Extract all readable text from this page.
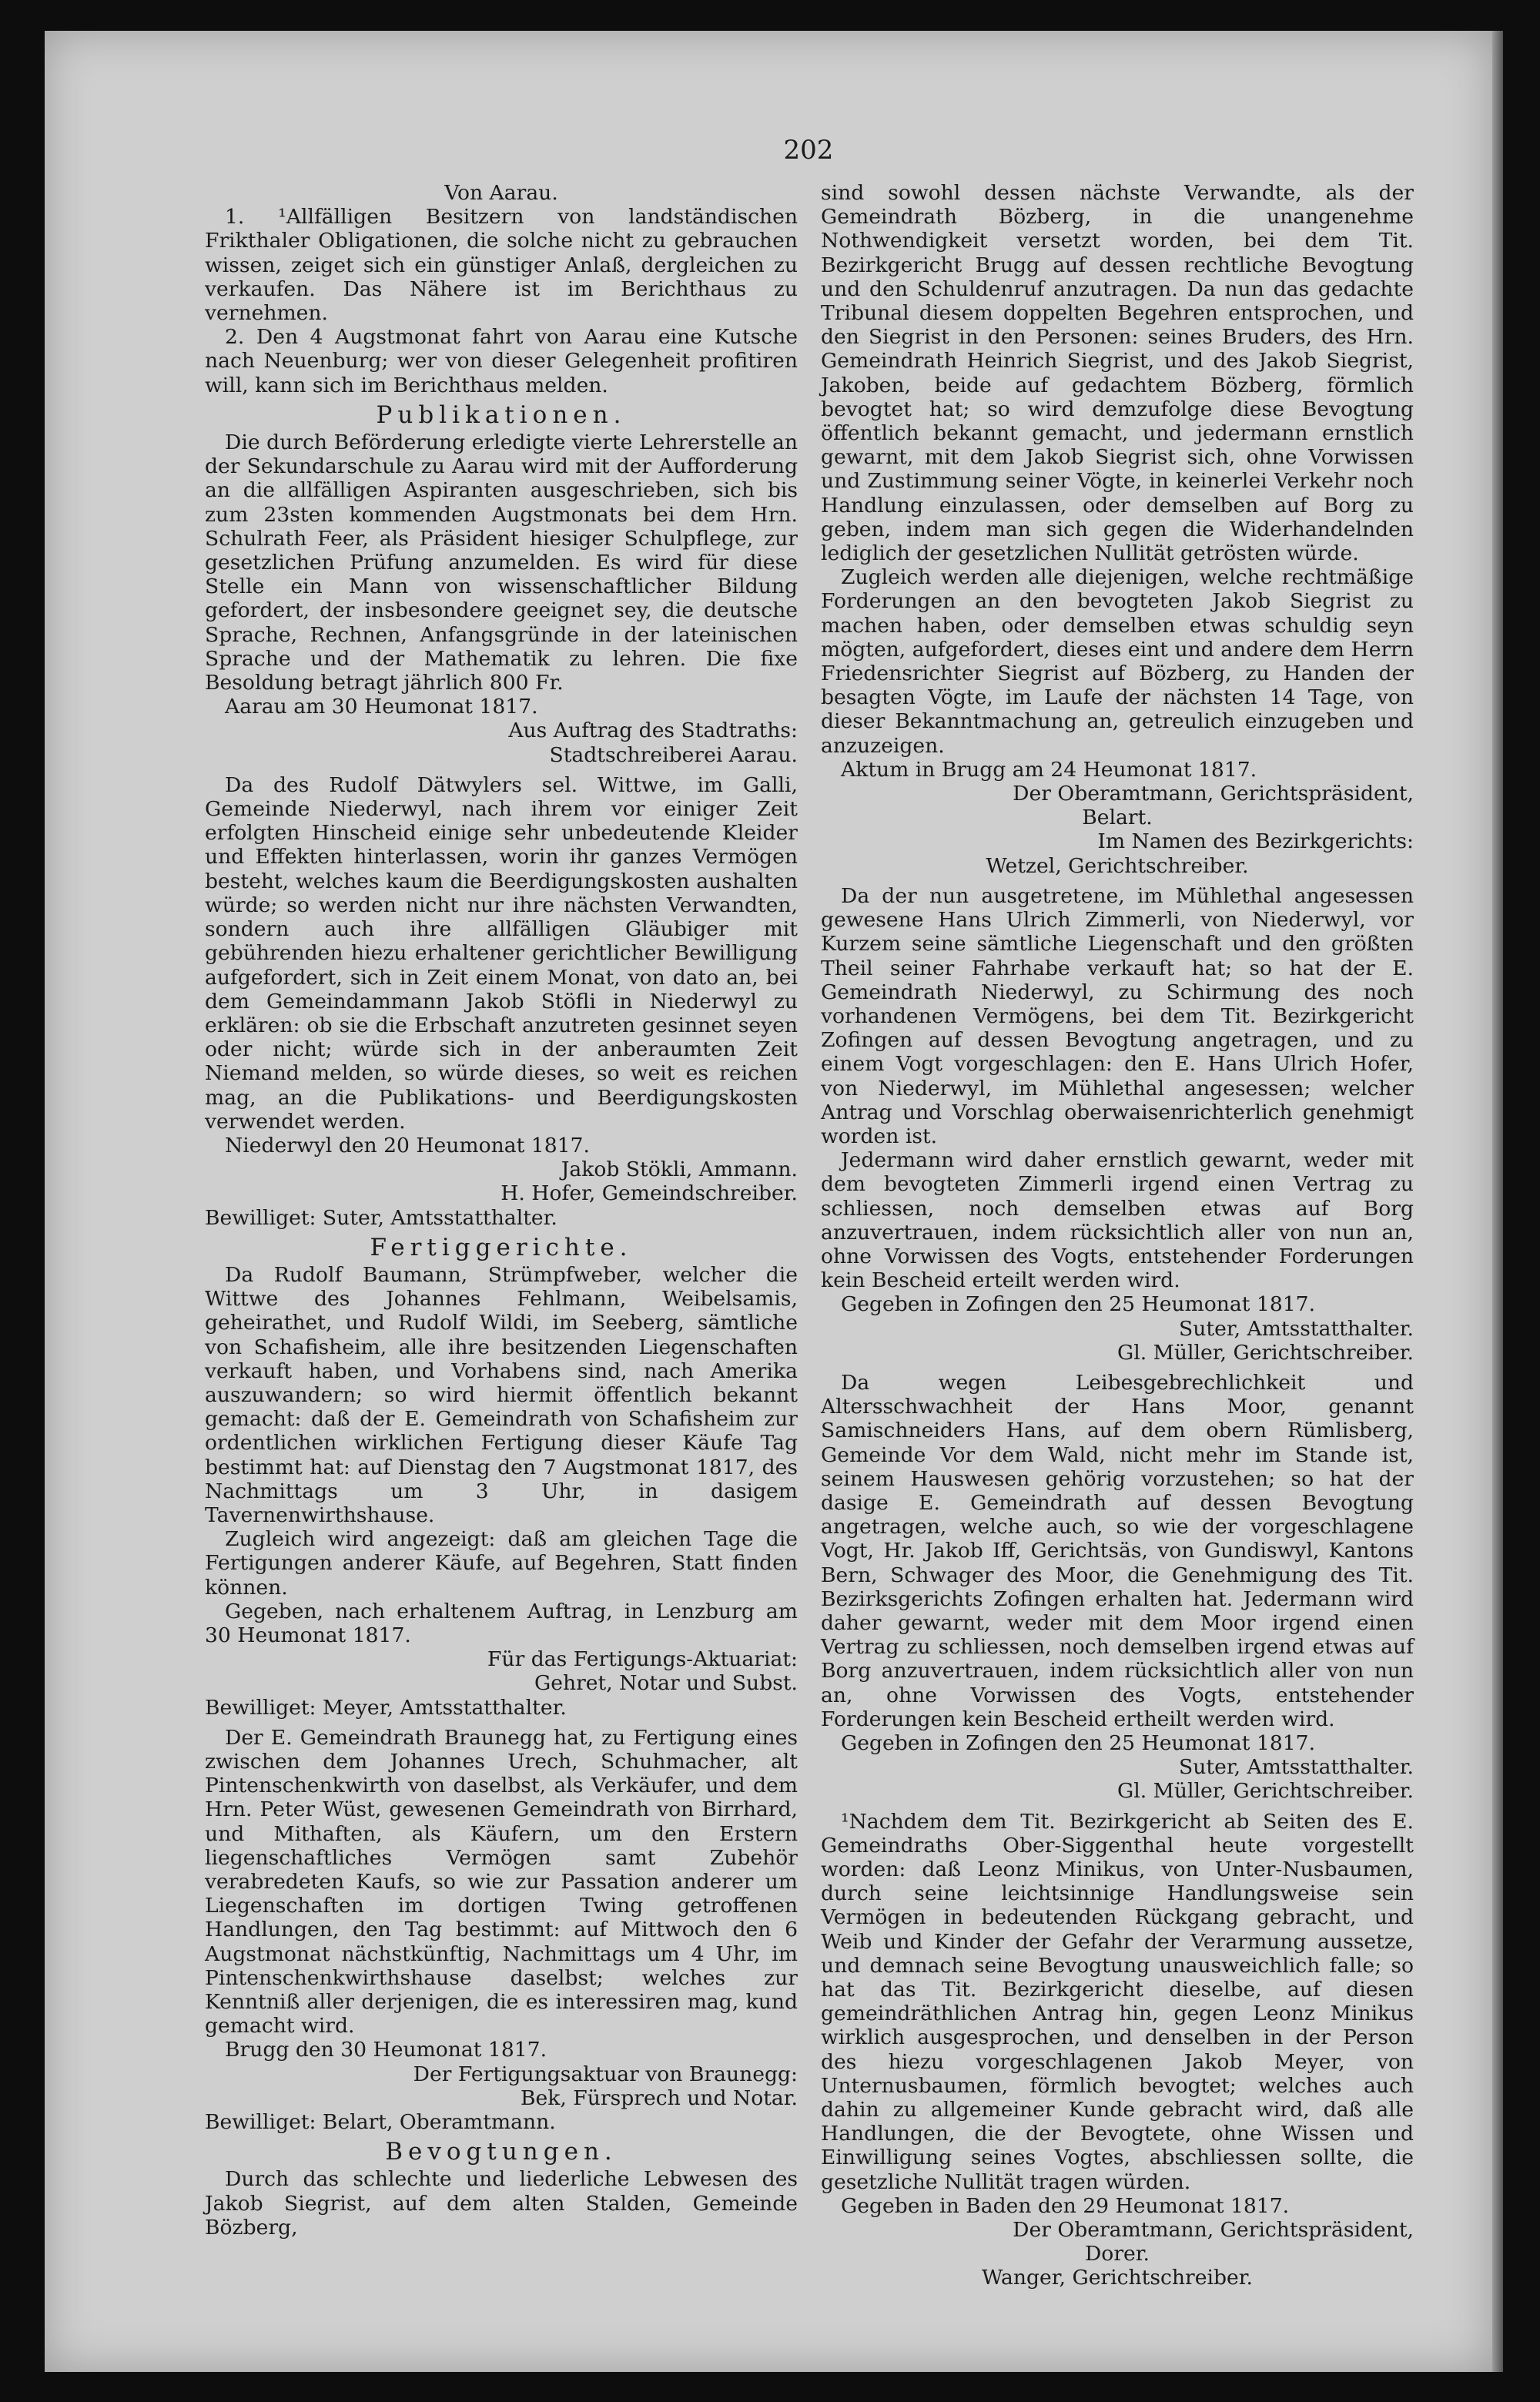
202

Von Aarau.

1. ¹Allfälligen Besitzern von landständischen Frikthaler Obligationen, die solche nicht zu gebrauchen wissen, zeiget sich ein günstiger Anlaß, dergleichen zu verkaufen. Das Nähere ist im Berichthaus zu vernehmen.

2. Den 4 Augstmonat fahrt von Aarau eine Kutsche nach Neuenburg; wer von dieser Gelegenheit profitiren will, kann sich im Berichthaus melden.

Publikationen.

Die durch Beförderung erledigte vierte Lehrerstelle an der Sekundarschule zu Aarau wird mit der Aufforderung an die allfälligen Aspiranten ausgeschrieben, sich bis zum 23sten kommenden Augstmonats bei dem Hrn. Schulrath Feer, als Präsident hiesiger Schulpflege, zur gesetzlichen Prüfung anzumelden. Es wird für diese Stelle ein Mann von wissenschaftlicher Bildung gefordert, der insbesondere geeignet sey, die deutsche Sprache, Rechnen, Anfangsgründe in der lateinischen Sprache und der Mathematik zu lehren. Die fixe Besoldung betragt jährlich 800 Fr.

Aarau am 30 Heumonat 1817.

Aus Auftrag des Stadtraths:

Stadtschreiberei Aarau.

Da des Rudolf Dätwylers sel. Wittwe, im Galli, Gemeinde Niederwyl, nach ihrem vor einiger Zeit erfolgten Hinscheid einige sehr unbedeutende Kleider und Effekten hinterlassen, worin ihr ganzes Vermögen besteht, welches kaum die Beerdigungskosten aushalten würde; so werden nicht nur ihre nächsten Verwandten, sondern auch ihre allfälligen Gläubiger mit gebührenden hiezu erhaltener gerichtlicher Bewilligung aufgefordert, sich in Zeit einem Monat, von dato an, bei dem Gemeindammann Jakob Stöfli in Niederwyl zu erklären: ob sie die Erbschaft anzutreten gesinnet seyen oder nicht; würde sich in der anberaumten Zeit Niemand melden, so würde dieses, so weit es reichen mag, an die Publikations- und Beerdigungskosten verwendet werden.

Niederwyl den 20 Heumonat 1817.

Jakob Stökli, Ammann.

H. Hofer, Gemeindschreiber.

Bewilliget: Suter, Amtsstatthalter.

Fertiggerichte.

Da Rudolf Baumann, Strümpfweber, welcher die Wittwe des Johannes Fehlmann, Weibelsamis, geheirathet, und Rudolf Wildi, im Seeberg, sämtliche von Schafisheim, alle ihre besitzenden Liegenschaften verkauft haben, und Vorhabens sind, nach Amerika auszuwandern; so wird hiermit öffentlich bekannt gemacht: daß der E. Gemeindrath von Schafisheim zur ordentlichen wirklichen Fertigung dieser Käufe Tag bestimmt hat: auf Dienstag den 7 Augstmonat 1817, des Nachmittags um 3 Uhr, in dasigem Tavernenwirthshause.

Zugleich wird angezeigt: daß am gleichen Tage die Fertigungen anderer Käufe, auf Begehren, Statt finden können.

Gegeben, nach erhaltenem Auftrag, in Lenzburg am 30 Heumonat 1817.

Für das Fertigungs-Aktuariat:

Gehret, Notar und Subst.

Bewilliget: Meyer, Amtsstatthalter.

Der E. Gemeindrath Braunegg hat, zu Fertigung eines zwischen dem Johannes Urech, Schuhmacher, alt Pintenschenkwirth von daselbst, als Verkäufer, und dem Hrn. Peter Wüst, gewesenen Gemeindrath von Birrhard, und Mithaften, als Käufern, um den Erstern liegenschaftliches Vermögen samt Zubehör verabredeten Kaufs, so wie zur Passation anderer um Liegenschaften im dortigen Twing getroffenen Handlungen, den Tag bestimmt: auf Mittwoch den 6 Augstmonat nächstkünftig, Nachmittags um 4 Uhr, im Pintenschenkwirthshause daselbst; welches zur Kenntniß aller derjenigen, die es interessiren mag, kund gemacht wird.

Brugg den 30 Heumonat 1817.

Der Fertigungsaktuar von Braunegg:

Bek, Fürsprech und Notar.

Bewilliget: Belart, Oberamtmann.

Bevogtungen.

Durch das schlechte und liederliche Lebwesen des Jakob Siegrist, auf dem alten Stalden, Gemeinde Bözberg,

sind sowohl dessen nächste Verwandte, als der Gemeindrath Bözberg, in die unangenehme Nothwendigkeit versetzt worden, bei dem Tit. Bezirkgericht Brugg auf dessen rechtliche Bevogtung und den Schuldenruf anzutragen. Da nun das gedachte Tribunal diesem doppelten Begehren entsprochen, und den Siegrist in den Personen: seines Bruders, des Hrn. Gemeindrath Heinrich Siegrist, und des Jakob Siegrist, Jakoben, beide auf gedachtem Bözberg, förmlich bevogtet hat; so wird demzufolge diese Bevogtung öffentlich bekannt gemacht, und jedermann ernstlich gewarnt, mit dem Jakob Siegrist sich, ohne Vorwissen und Zustimmung seiner Vögte, in keinerlei Verkehr noch Handlung einzulassen, oder demselben auf Borg zu geben, indem man sich gegen die Widerhandelnden lediglich der gesetzlichen Nullität getrösten würde.

Zugleich werden alle diejenigen, welche rechtmäßige Forderungen an den bevogteten Jakob Siegrist zu machen haben, oder demselben etwas schuldig seyn mögten, aufgefordert, dieses eint und andere dem Herrn Friedensrichter Siegrist auf Bözberg, zu Handen der besagten Vögte, im Laufe der nächsten 14 Tage, von dieser Bekanntmachung an, getreulich einzugeben und anzuzeigen.

Aktum in Brugg am 24 Heumonat 1817.

Der Oberamtmann, Gerichtspräsident,

Belart.

Im Namen des Bezirkgerichts:

Wetzel, Gerichtschreiber.

Da der nun ausgetretene, im Mühlethal angesessen gewesene Hans Ulrich Zimmerli, von Niederwyl, vor Kurzem seine sämtliche Liegenschaft und den größten Theil seiner Fahrhabe verkauft hat; so hat der E. Gemeindrath Niederwyl, zu Schirmung des noch vorhandenen Vermögens, bei dem Tit. Bezirkgericht Zofingen auf dessen Bevogtung angetragen, und zu einem Vogt vorgeschlagen: den E. Hans Ulrich Hofer, von Niederwyl, im Mühlethal angesessen; welcher Antrag und Vorschlag oberwaisenrichterlich genehmigt worden ist.

Jedermann wird daher ernstlich gewarnt, weder mit dem bevogteten Zimmerli irgend einen Vertrag zu schliessen, noch demselben etwas auf Borg anzuvertrauen, indem rücksichtlich aller von nun an, ohne Vorwissen des Vogts, entstehender Forderungen kein Bescheid erteilt werden wird.

Gegeben in Zofingen den 25 Heumonat 1817.

Suter, Amtsstatthalter.

Gl. Müller, Gerichtschreiber.

Da wegen Leibesgebrechlichkeit und Altersschwachheit der Hans Moor, genannt Samischneiders Hans, auf dem obern Rümlisberg, Gemeinde Vor dem Wald, nicht mehr im Stande ist, seinem Hauswesen gehörig vorzustehen; so hat der dasige E. Gemeindrath auf dessen Bevogtung angetragen, welche auch, so wie der vorgeschlagene Vogt, Hr. Jakob Iff, Gerichtsäs, von Gundiswyl, Kantons Bern, Schwager des Moor, die Genehmigung des Tit. Bezirksgerichts Zofingen erhalten hat. Jedermann wird daher gewarnt, weder mit dem Moor irgend einen Vertrag zu schliessen, noch demselben irgend etwas auf Borg anzuvertrauen, indem rücksichtlich aller von nun an, ohne Vorwissen des Vogts, entstehender Forderungen kein Bescheid ertheilt werden wird.

Gegeben in Zofingen den 25 Heumonat 1817.

Suter, Amtsstatthalter.

Gl. Müller, Gerichtschreiber.

¹Nachdem dem Tit. Bezirkgericht ab Seiten des E. Gemeindraths Ober-Siggenthal heute vorgestellt worden: daß Leonz Minikus, von Unter-Nusbaumen, durch seine leichtsinnige Handlungsweise sein Vermögen in bedeutenden Rückgang gebracht, und Weib und Kinder der Gefahr der Verarmung aussetze, und demnach seine Bevogtung unausweichlich falle; so hat das Tit. Bezirkgericht dieselbe, auf diesen gemeindräthlichen Antrag hin, gegen Leonz Minikus wirklich ausgesprochen, und denselben in der Person des hiezu vorgeschlagenen Jakob Meyer, von Unternusbaumen, förmlich bevogtet; welches auch dahin zu allgemeiner Kunde gebracht wird, daß alle Handlungen, die der Bevogtete, ohne Wissen und Einwilligung seines Vogtes, abschliessen sollte, die gesetzliche Nullität tragen würden.

Gegeben in Baden den 29 Heumonat 1817.

Der Oberamtmann, Gerichtspräsident,

Dorer.

Wanger, Gerichtschreiber.
